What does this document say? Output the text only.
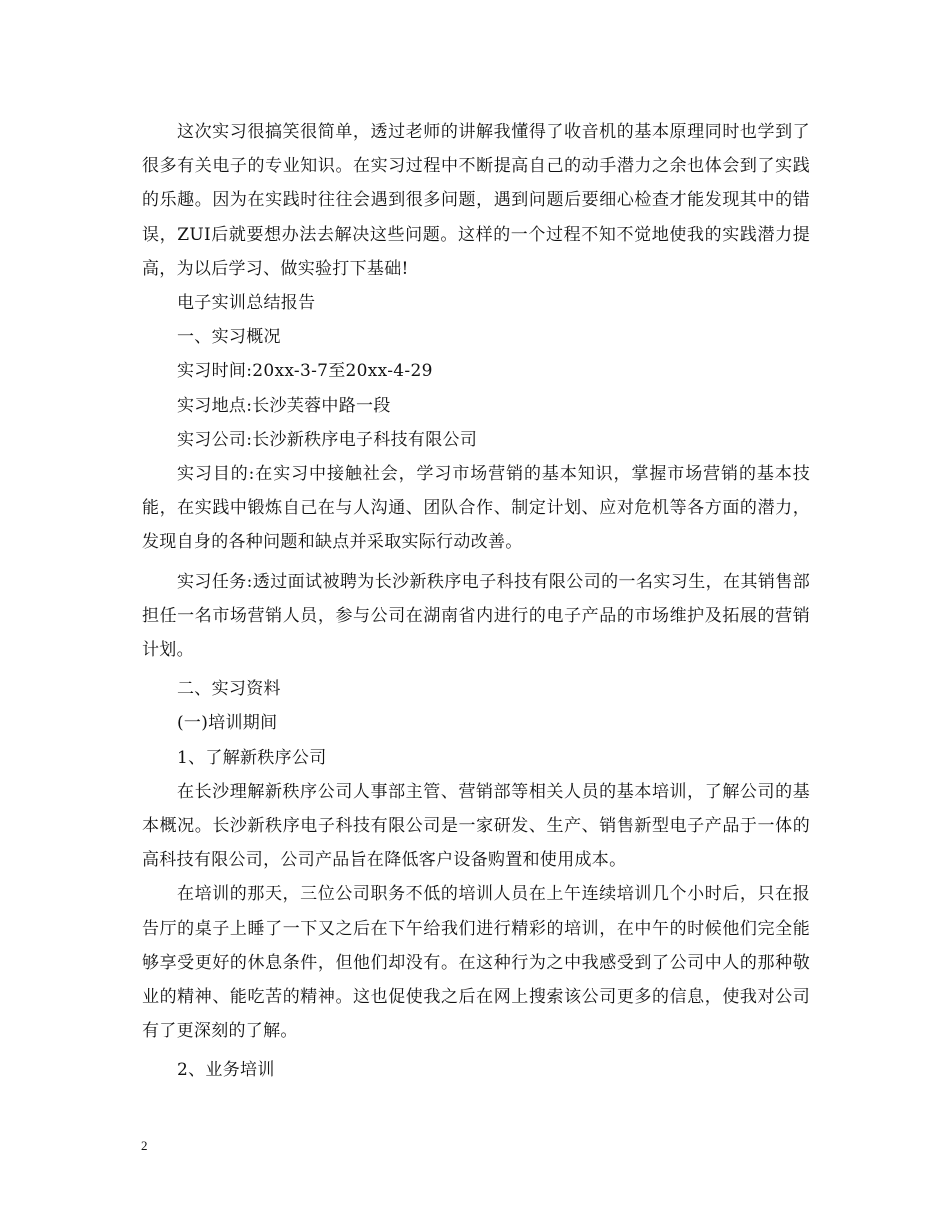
这次实习很搞笑很简单，透过老师的讲解我懂得了收音机的基本原理同时也学到了很多有关电子的专业知识。在实习过程中不断提高自己的动手潜力之余也体会到了实践的乐趣。因为在实践时往往会遇到很多问题，遇到问题后要细心检查才能发现其中的错误，ZUI后就要想办法去解决这些问题。这样的一个过程不知不觉地使我的实践潜力提高，为以后学习、做实验打下基础!

电子实训总结报告

一、实习概况

实习时间:20xx-3-7至20xx-4-29

实习地点:长沙芙蓉中路一段

实习公司:长沙新秩序电子科技有限公司

实习目的:在实习中接触社会，学习市场营销的基本知识，掌握市场营销的基本技能，在实践中锻炼自己在与人沟通、团队合作、制定计划、应对危机等各方面的潜力，发现自身的各种问题和缺点并采取实际行动改善。

实习任务:透过面试被聘为长沙新秩序电子科技有限公司的一名实习生，在其销售部担任一名市场营销人员，参与公司在湖南省内进行的电子产品的市场维护及拓展的营销计划。

二、实习资料

(一)培训期间

1、了解新秩序公司

在长沙理解新秩序公司人事部主管、营销部等相关人员的基本培训，了解公司的基本概况。长沙新秩序电子科技有限公司是一家研发、生产、销售新型电子产品于一体的高科技有限公司，公司产品旨在降低客户设备购置和使用成本。

在培训的那天，三位公司职务不低的培训人员在上午连续培训几个小时后，只在报告厅的桌子上睡了一下又之后在下午给我们进行精彩的培训，在中午的时候他们完全能够享受更好的休息条件，但他们却没有。在这种行为之中我感受到了公司中人的那种敬业的精神、能吃苦的精神。这也促使我之后在网上搜索该公司更多的信息，使我对公司有了更深刻的了解。

2、业务培训

2
